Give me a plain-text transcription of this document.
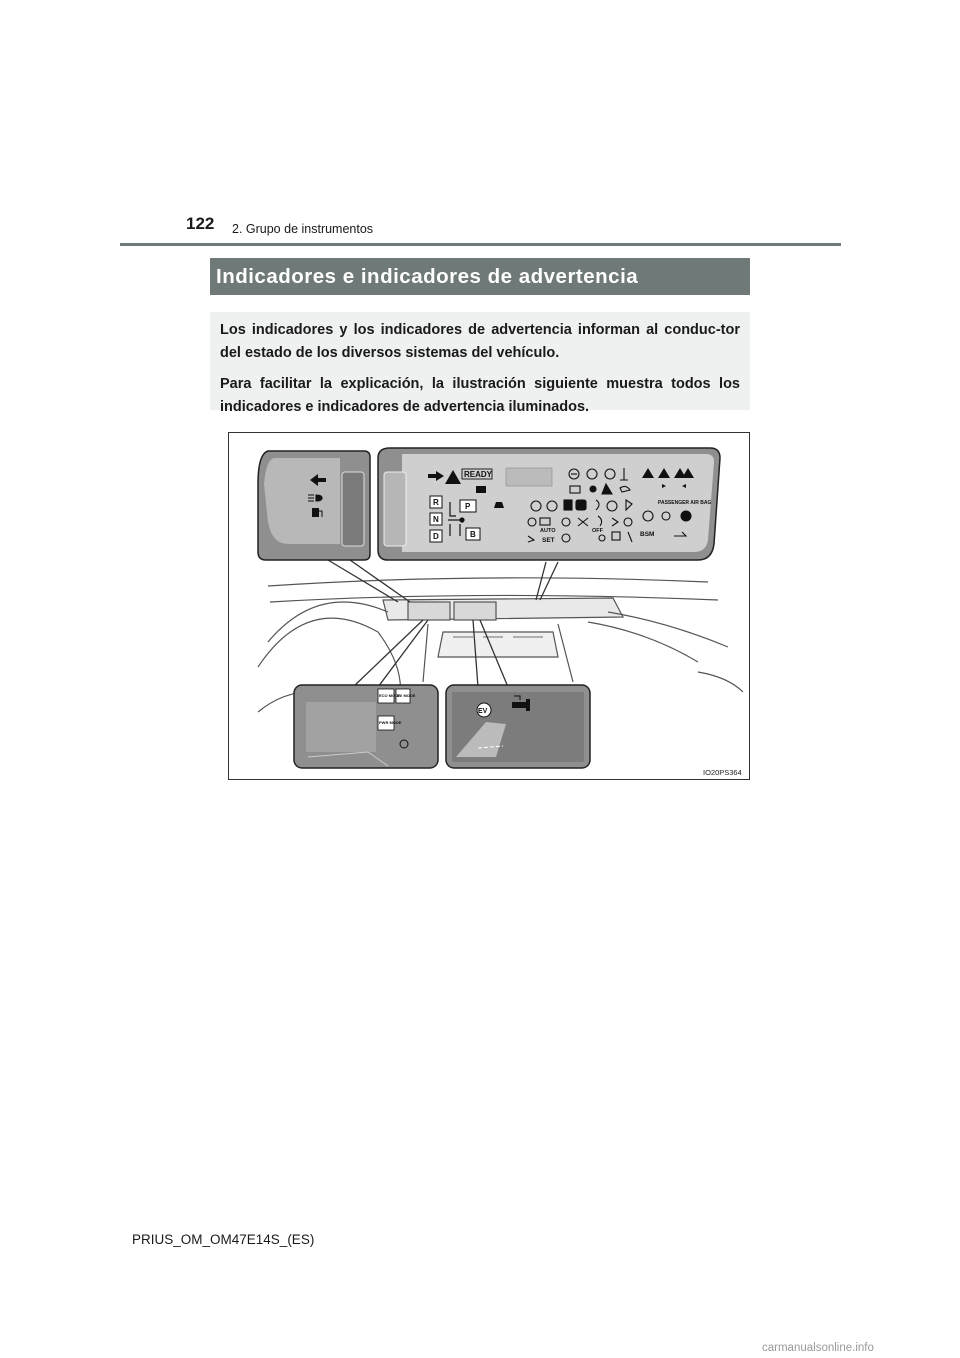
122 2. Grupo de instrumentos
Indicadores e indicadores de advertencia

Los indicadores y los indicadores de advertencia informan al conduc-tor del estado de los diversos sistemas del vehículo.

Para facilitar la explicación, la ilustración siguiente muestra todos los indicadores e indicadores de advertencia iluminados.

READY
R
N
D
P
B	AUTO
SET
OFF
PASSENGER AIR BAG
BSM
ECO MODE
EV MODE
PWR MODE
EV
IO20PS364
PRIUS_OM_OM47E14S_(ES)
carmanualsonline.info
